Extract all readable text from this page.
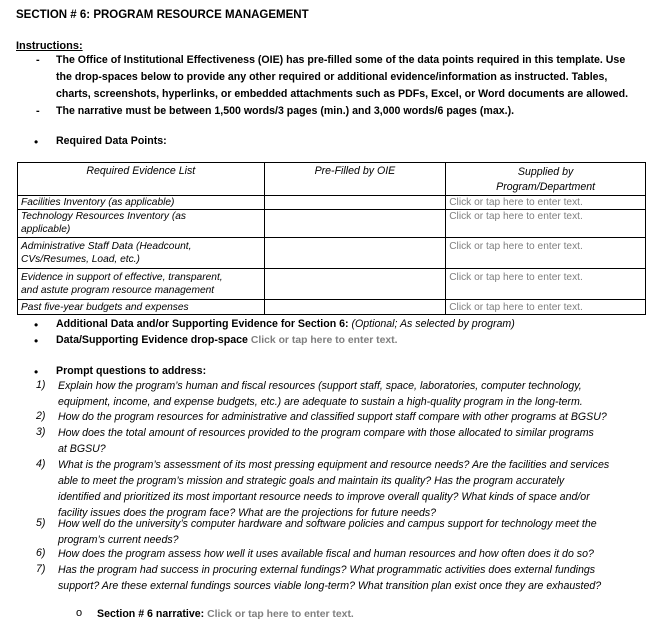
SECTION # 6: PROGRAM RESOURCE MANAGEMENT
Instructions:
- The Office of Institutional Effectiveness (OIE) has pre-filled some of the data points required in this template. Use
the drop-spaces below to provide any other required or additional evidence/information as instructed. Tables,
charts, screenshots, hyperlinks, or embedded attachments such as PDFs, Excel, or Word documents are allowed.
- The narrative must be between 1,500 words/3 pages (min.) and 3,000 words/6 pages (max.).
• Required Data Points:
Required Evidence List	Pre-Filled by OIE	Supplied by
Program/Department

Facilities Inventory (as applicable)		Click or tap here to enter text.

Technology Resources Inventory (as
applicable)		Click or tap here to enter text.

Administrative Staff Data (Headcount,
CVs/Resumes, Load, etc.)		Click or tap here to enter text.

Evidence in support of effective, transparent,
and astute program resource management		Click or tap here to enter text.

Past five-year budgets and expenses		Click or tap here to enter text.
• Additional Data and/or Supporting Evidence for Section 6: (Optional; As selected by program)
• Data/Supporting Evidence drop-space Click or tap here to enter text.
• Prompt questions to address:
1) Explain how the program’s human and fiscal resources (support staff, space, laboratories, computer technology,
equipment, income, and expense budgets, etc.) are adequate to sustain a high-quality program in the long-term.
2) How do the program resources for administrative and classified support staff compare with other programs at BGSU?
3) How does the total amount of resources provided to the program compare with those allocated to similar programs
at BGSU?
4) What is the program’s assessment of its most pressing equipment and resource needs? Are the facilities and services
able to meet the program’s mission and strategic goals and maintain its quality? Has the program accurately
identified and prioritized its most important resource needs to improve overall quality? What kinds of space and/or
facility issues does the program face? What are the projections for future needs?
5) How well do the university’s computer hardware and software policies and campus support for technology meet the
program’s current needs?
6) How does the program assess how well it uses available fiscal and human resources and how often does it do so?
7) Has the program had success in procuring external fundings? What programmatic activities does external fundings
support? Are these external fundings sources viable long-term? What transition plan exist once they are exhausted?
o Section # 6 narrative: Click or tap here to enter text.
